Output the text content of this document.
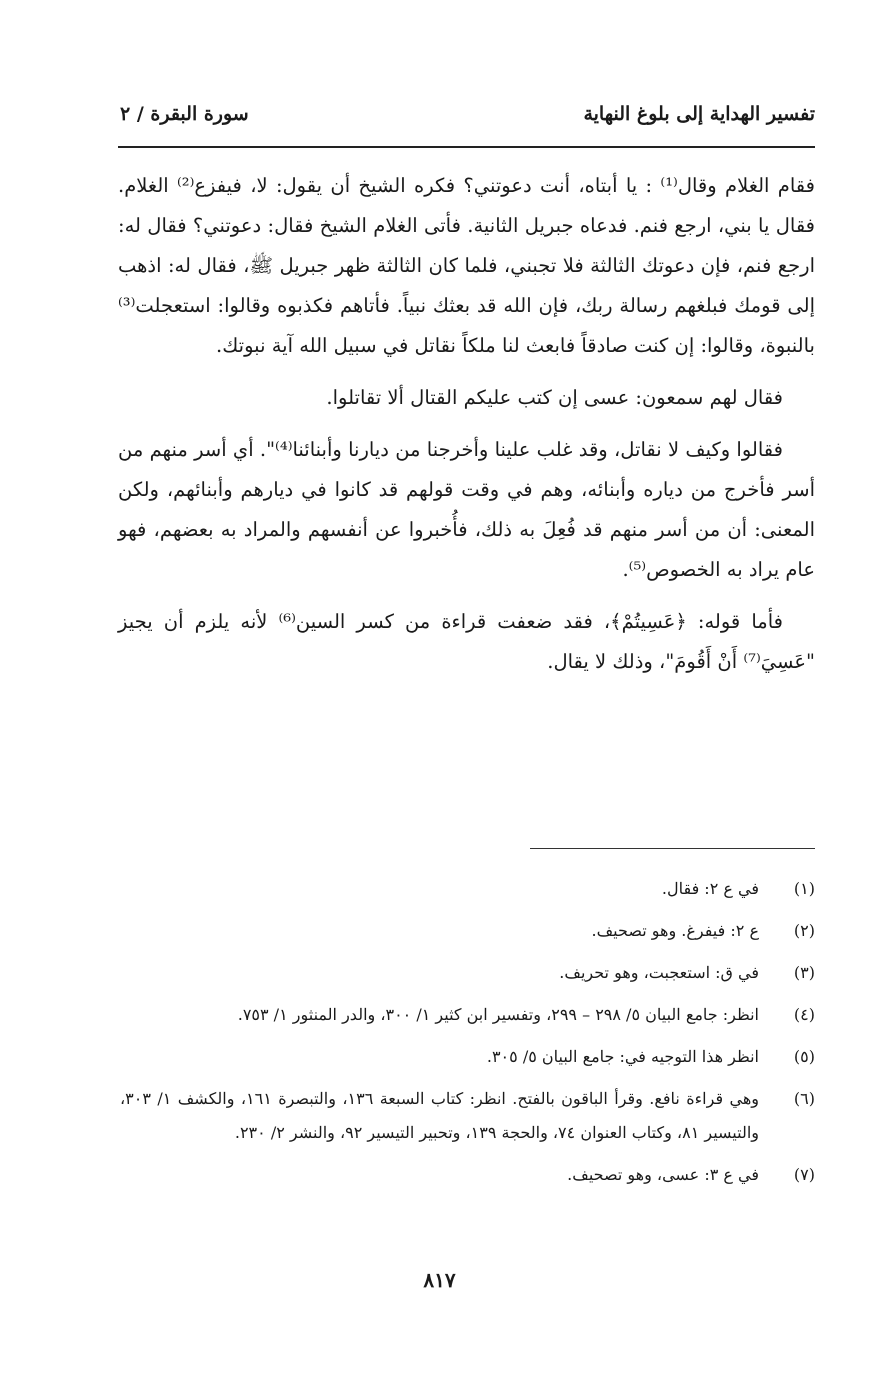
تفسير الهداية إلى بلوغ النهاية
سورة البقرة / ٢

فقام الغلام وقال⁽¹⁾ : يا أبتاه، أنت دعوتني؟ فكره الشيخ أن يقول: لا، فيفزع⁽²⁾ الغلام. فقال يا بني، ارجع فنم. فدعاه جبريل الثانية. فأتى الغلام الشيخ فقال: دعوتني؟ فقال له: ارجع فنم، فإن دعوتك الثالثة فلا تجبني، فلما كان الثالثة ظهر جبريل ﷺ، فقال له: اذهب إلى قومك فبلغهم رسالة ربك، فإن الله قد بعثك نبياً. فأتاهم فكذبوه وقالوا: استعجلت⁽³⁾ بالنبوة، وقالوا: إن كنت صادقاً فابعث لنا ملكاً نقاتل في سبيل الله آية نبوتك.

فقال لهم سمعون: عسى إن كتب عليكم القتال ألا تقاتلوا.

فقالوا وكيف لا نقاتل، وقد غلب علينا وأخرجنا من ديارنا وأبنائنا⁽⁴⁾". أي أسر منهم من أسر فأخرج من دياره وأبنائه، وهم في وقت قولهم قد كانوا في ديارهم وأبنائهم، ولكن المعنى: أن من أسر منهم قد فُعِلَ به ذلك، فأُخبروا عن أنفسهم والمراد به بعضهم، فهو عام يراد به الخصوص⁽⁵⁾.

فأما قوله: ﴿عَسِيتُمْ﴾، فقد ضعفت قراءة من كسر السين⁽⁶⁾ لأنه يلزم أن يجيز "عَسِيَ⁽⁷⁾ أَنْ أَقُومَ"، وذلك لا يقال.

(١)
في ع ٢: فقال.
(٢)
ع ٢: فيفرغ. وهو تصحيف.
(٣)
في ق: استعجبت، وهو تحريف.
(٤)
انظر: جامع البيان ٥/ ٢٩٨ – ٢٩٩، وتفسير ابن كثير ١/ ٣٠٠، والدر المنثور ١/ ٧٥٣.
(٥)
انظر هذا التوجيه في: جامع البيان ٥/ ٣٠٥.
(٦)
وهي قراءة نافع. وقرأ الباقون بالفتح. انظر: كتاب السبعة ١٣٦، والتبصرة ١٦١، والكشف ١/ ٣٠٣، والتيسير ٨١، وكتاب العنوان ٧٤، والحجة ١٣٩، وتحبير التيسير ٩٢، والنشر ٢/ ٢٣٠.
(٧)
في ع ٣: عسى، وهو تصحيف.
٨١٧
